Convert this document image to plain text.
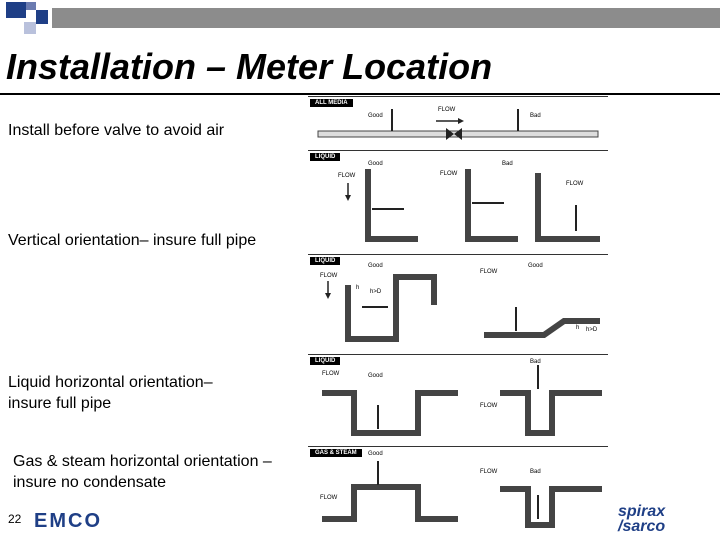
Installation – Meter Location
Install before valve to avoid air
Vertical orientation– insure full pipe
Liquid horizontal orientation– insure full pipe
Gas & steam horizontal orientation – insure no condensate
ALL MEDIA
Good
FLOW
Bad
LIQUID
Good	Bad
FLOW	FLOW
FLOW
LIQUID
Good	Good
FLOW
FLOW
h
h>D
h h>D
LIQUID
FLOW	Good
Bad
FLOW
GAS & STEAM	Good
FLOW	Bad
FLOW
22 EMCO	spirax
/sarco
